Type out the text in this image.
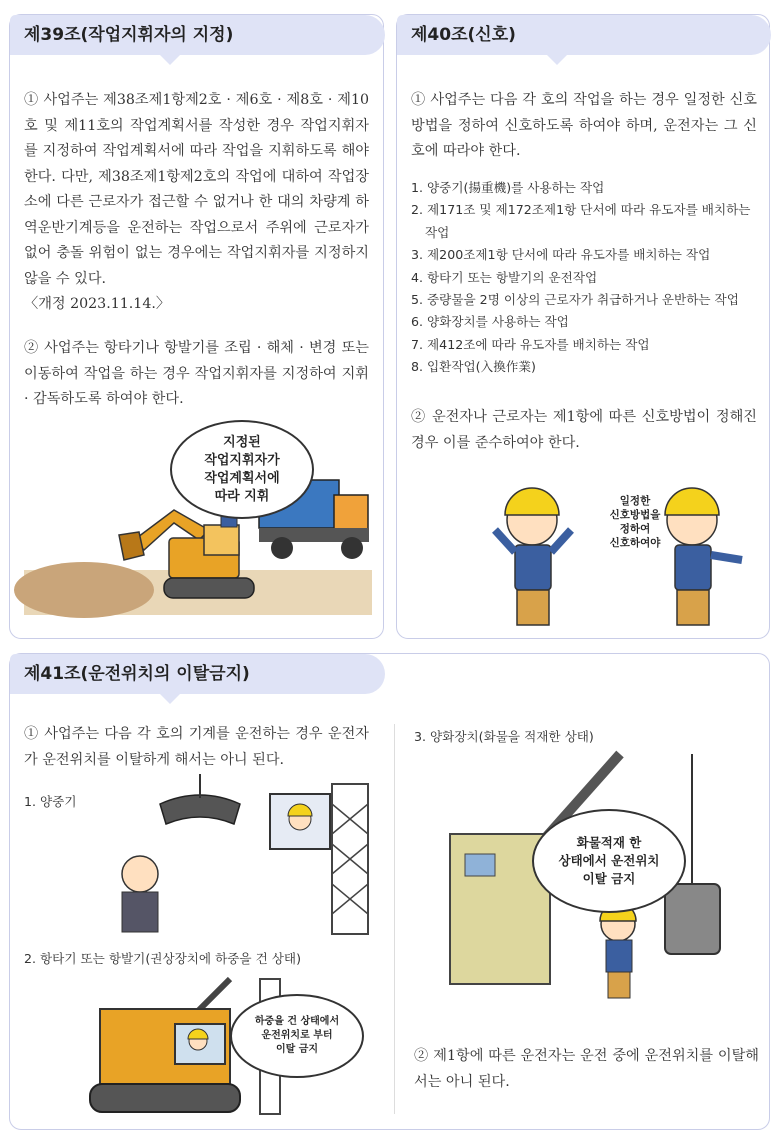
제39조(작업지휘자의 지정)
① 사업주는 제38조제1항제2호 · 제6호 · 제8호 · 제10호 및 제11호의 작업계획서를 작성한 경우 작업지휘자를 지정하여 작업계획서에 따라 작업을 지휘하도록 해야 한다. 다만, 제38조제1항제2호의 작업에 대하여 작업장소에 다른 근로자가 접근할 수 없거나 한 대의 차량계 하역운반기계등을 운전하는 작업으로서 주위에 근로자가 없어 충돌 위험이 없는 경우에는 작업지휘자를 지정하지 않을 수 있다.
〈개정 2023.11.14.〉
② 사업주는 항타기나 항발기를 조립 · 해체 · 변경 또는 이동하여 작업을 하는 경우 작업지휘자를 지정하여 지휘 · 감독하도록 하여야 한다.
지정된
작업지휘자가
작업계획서에
따라 지휘
제40조(신호)
① 사업주는 다음 각 호의 작업을 하는 경우 일정한 신호방법을 정하여 신호하도록 하여야 하며, 운전자는 그 신호에 따라야 한다.
1. 양중기(揚重機)를 사용하는 작업
2. 제171조 및 제172조제1항 단서에 따라 유도자를 배치하는 작업
3. 제200조제1항 단서에 따라 유도자를 배치하는 작업
4. 항타기 또는 항발기의 운전작업
5. 중량물을 2명 이상의 근로자가 취급하거나 운반하는 작업
6. 양화장치를 사용하는 작업
7. 제412조에 따라 유도자를 배치하는 작업
8. 입환작업(入換作業)
② 운전자나 근로자는 제1항에 따른 신호방법이 정해진 경우 이를 준수하여야 한다.
일정한
신호방법을
정하여
신호하여야
제41조(운전위치의 이탈금지)
① 사업주는 다음 각 호의 기계를 운전하는 경우 운전자가 운전위치를 이탈하게 해서는 아니 된다.
1. 양중기
2. 항타기 또는 항발기(권상장치에 하중을 건 상태)
하중을 건 상태에서
운전위치로 부터
이탈 금지
3. 양화장치(화물을 적재한 상태)
화물적재 한
상태에서 운전위치
이탈 금지
② 제1항에 따른 운전자는 운전 중에 운전위치를 이탈해서는 아니 된다.
